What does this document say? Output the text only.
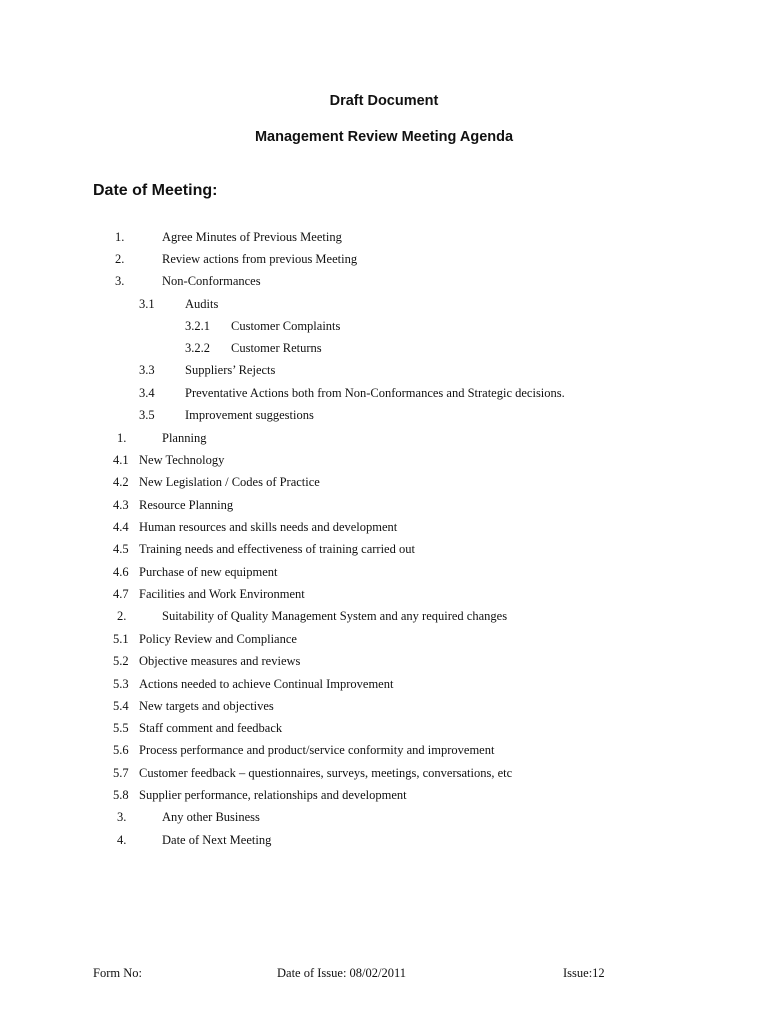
Draft Document
Management Review Meeting Agenda
Date of Meeting:
1.	Agree Minutes of Previous Meeting
2.	Review actions from previous Meeting
3.	Non-Conformances
3.1 Audits
3.2.1 Customer Complaints
3.2.2 Customer Returns
3.3 Suppliers’ Rejects
3.4 Preventative Actions both from Non-Conformances and Strategic decisions.
3.5 Improvement suggestions
1.	Planning
4.1 New Technology
4.2 New Legislation / Codes of Practice
4.3 Resource Planning
4.4 Human resources and skills needs and development
4.5 Training needs and effectiveness of training carried out
4.6 Purchase of new equipment
4.7 Facilities and Work Environment
2.	Suitability of Quality Management System and any required changes
5.1 Policy Review and Compliance
5.2 Objective measures and reviews
5.3 Actions needed to achieve Continual Improvement
5.4 New targets and objectives
5.5 Staff comment and feedback
5.6 Process performance and product/service conformity and improvement
5.7 Customer feedback – questionnaires, surveys, meetings, conversations, etc
5.8 Supplier performance, relationships and development
3.	Any other Business
4.	Date of Next Meeting
Form No:	Date of Issue: 08/02/2011	Issue:12
